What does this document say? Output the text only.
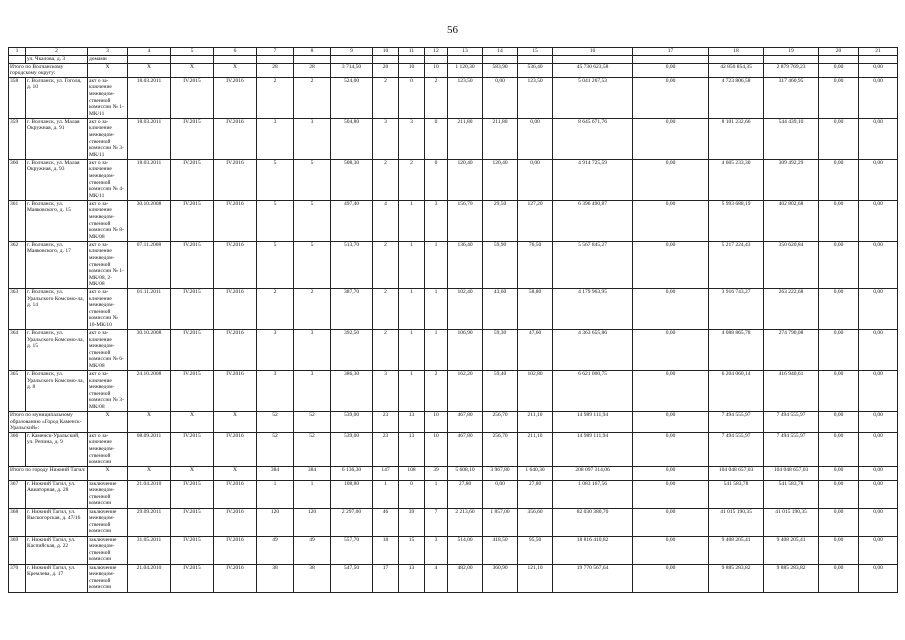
56
1	2	3	4	5	6	7	8	9	10	11	12	13	14	15	16	17	18	19	20	21
	ул. Чкалова, д. 3	домами																		
Итого по Волчанскому городскому округу:		X	X	X	X	28	28	3 714,50	20	10	10	1 120,30	583,90	536,40	45 730 623,58	0,00	42 850 854,35	2 879 769,23	0,00	0,00
358	г. Волчанск, ул. Гоголя, д. 10	акт о за-ключение межведом-ственной комиссии № 1-МК/11	18.03.2011	IV.2015	IV.2016	2	2	524,00	2	0	2	123,50	0,00	123,50	5 041 267,53	0,00	4 723 806,58	317 460,95	0,00	0,00
359	г. Волчанск, ул. Малая Окружная, д. 91	акт о за-ключение межведом-ственной комиссии № 3-МК/11	18.03.2011	IV.2015	IV.2016	3	3	504,80	3	3	0	211,80	211,80	0,00	8 645 671,76	0,00	8 101 232,66	544 439,10	0,00	0,00
360	г. Волчанск, ул. Малая Окружная, д. 93	акт о за-ключение межведом-ственной комиссии № 4-МК/11	18.03.2011	IV.2015	IV.2016	5	5	508,30	2	2	0	120,40	120,40	0,00	4 914 725,59	0,00	4 605 233,30	309 492,29	0,00	0,00
361	г. Волчанск, ул. Маяковского, д. 15	акт о за-ключение межведом-ственной комиссии № 8-МК/08	30.10.2008	IV.2015	IV.2016	5	5	497,40	4	1	3	156,70	29,50	127,20	6 396 490,87	0,00	5 993 688,19	402 802,68	0,00	0,00
362	г. Волчанск, ул. Маяковского, д. 17	акт о за-ключение межведом-ственной комиссии № 1-МК/08, 2-МК/08	07.11.2008	IV.2015	IV.2016	5	5	513,70	2	1	1	136,40	59,90	76,50	5 567 845,27	0,00	5 217 224,43	350 620,84	0,00	0,00
363	г. Волчанск, ул. Уральского Комсомо-ла, д. 14	акт о за-ключение межведом-ственной комиссии № 10-МК/10	01.11.2011	IV.2015	IV.2016	2	2	387,70	2	1	1	102,40	43,60	58,80	4 179 963,95	0,00	3 916 743,27	263 222,68	0,00	0,00
364	г. Волчанск, ул. Уральского Комсомо-ла, д. 15	акт о за-ключение межведом-ственной комиссии № 6-МК/08	30.10.2008	IV.2015	IV.2016	3	3	392,50	2	1	1	106,90	59,30	47,60	4 363 655,86	0,00	4 088 865,78	274 790,08	0,00	0,00
365	г. Волчанск, ул. Уральского Комсомо-ла, д. 8	акт о за-ключение межведом-ственной комиссии № 3-МК/08	24.10.2008	IV.2015	IV.2016	3	3	386,30	3	1	2	162,20	59,40	102,80	6 621 000,75	0,00	6 204 060,14	416 940,61	0,00	0,00
Итого по муниципальному образованию «Город Каменск-Уральский»:		X	X	X	X	52	52	539,00	23	13	10	467,80	256,70	211,10	14 989 111,94	0,00	7 494 555,97	7 494 555,97	0,00	0,00
366	г. Каменск-Уральский, ул. Репина, д. 9	акт о за-ключение межведом-ственной комиссии	08.09.2011	IV.2015	IV.2016	52	52	539,00	23	13	10	467,80	256,70	211,10	14 989 111,94	0,00	7 494 555,97	7 494 555,97	0,00	0,00
Итого по городу Нижний Тагил:		X	X	X	X	384	384	6 136,30	147	108	39	5 608,10	3 967,80	1 640,30	208 097 314,06	0,00	104 048 657,03	104 048 657,03	0,00	0,00
367	г. Нижний Тагил, ул. Авиаторная, д. 28	заключение межведом-ственной комиссии	21.04.2010	IV.2015	IV.2016	1	1	108,80	1	0	1	27,80	0,00	27,80	1 083 167,56	0,00	541 583,78	541 583,78	0,00	0,00
368	г. Нижний Тагил, ул. Выскогорская, д. 47/16	заключение межведом-ственной комиссии	29.09.2011	IV.2015	IV.2016	120	120	2 297,00	46	39	7	2 213,60	1 857,00	356,60	82 030 380,70	0,00	41 015 190,35	41 015 190,35	0,00	0,00
369	г. Нижний Тагил, ул. Каспийская, д. 22	заключение межведом-ственной комиссии	31.05.2011	IV.2015	IV.2016	49	49	557,70	18	15	3	514,00	418,50	95,50	18 816 410,82	0,00	9 408 205,41	9 408 205,41	0,00	0,00
370	г. Нижний Тагил, ул. Кремлева, д. 17	заключение межведом-ственной комиссии	21.04.2010	IV.2015	IV.2016	38	38	547,50	17	13	4	482,00	360,90	121,10	19 770 567,64	0,00	9 885 283,82	9 885 283,82	0,00	0,00
